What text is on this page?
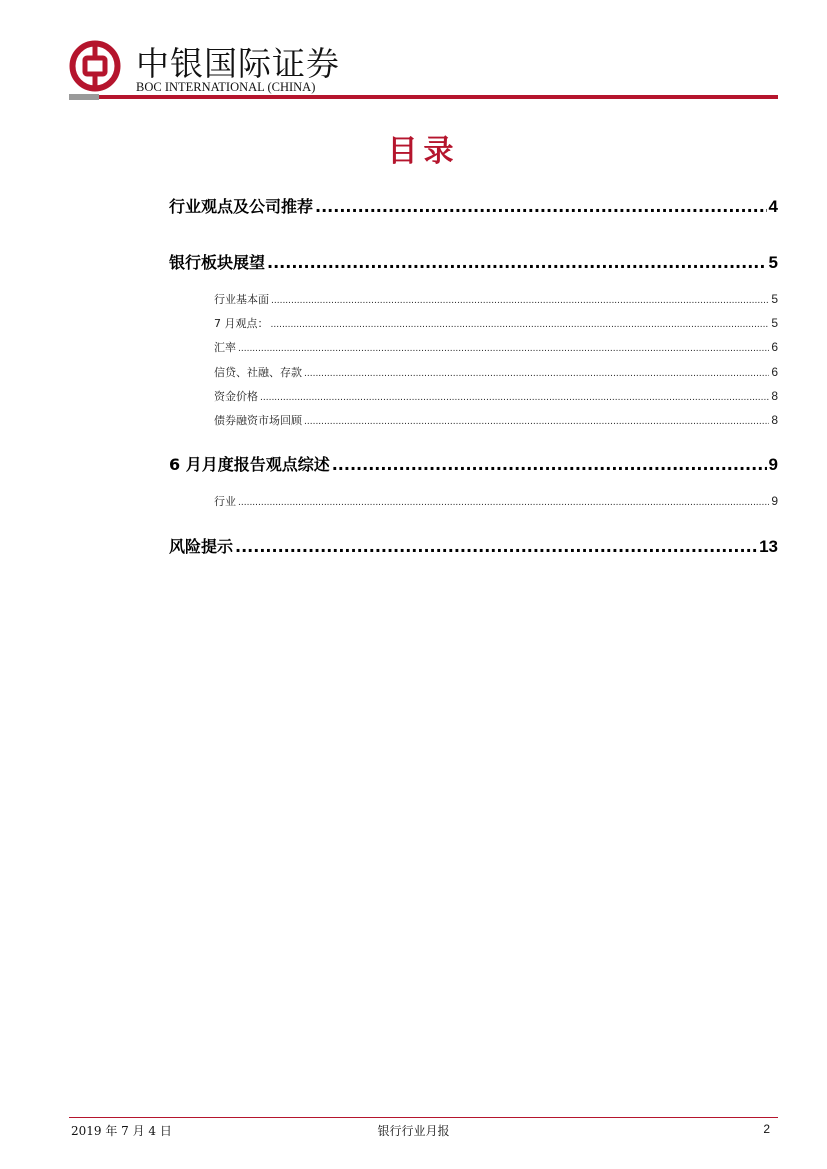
中银国际证券
BOC INTERNATIONAL (CHINA)
目录
行业观点及公司推荐 .....	4
银行板块展望 .....	5
行业基本面 .....	5
7 月观点： .....	5
汇率 .....	6
信贷、社融、存款 .....	6
资金价格 .....	8
债券融资市场回顾 .....	8
6 月月度报告观点综述 .....	9
行业 .....	9
风险提示 .....	13
2019 年 7 月 4 日	银行行业月报	2
